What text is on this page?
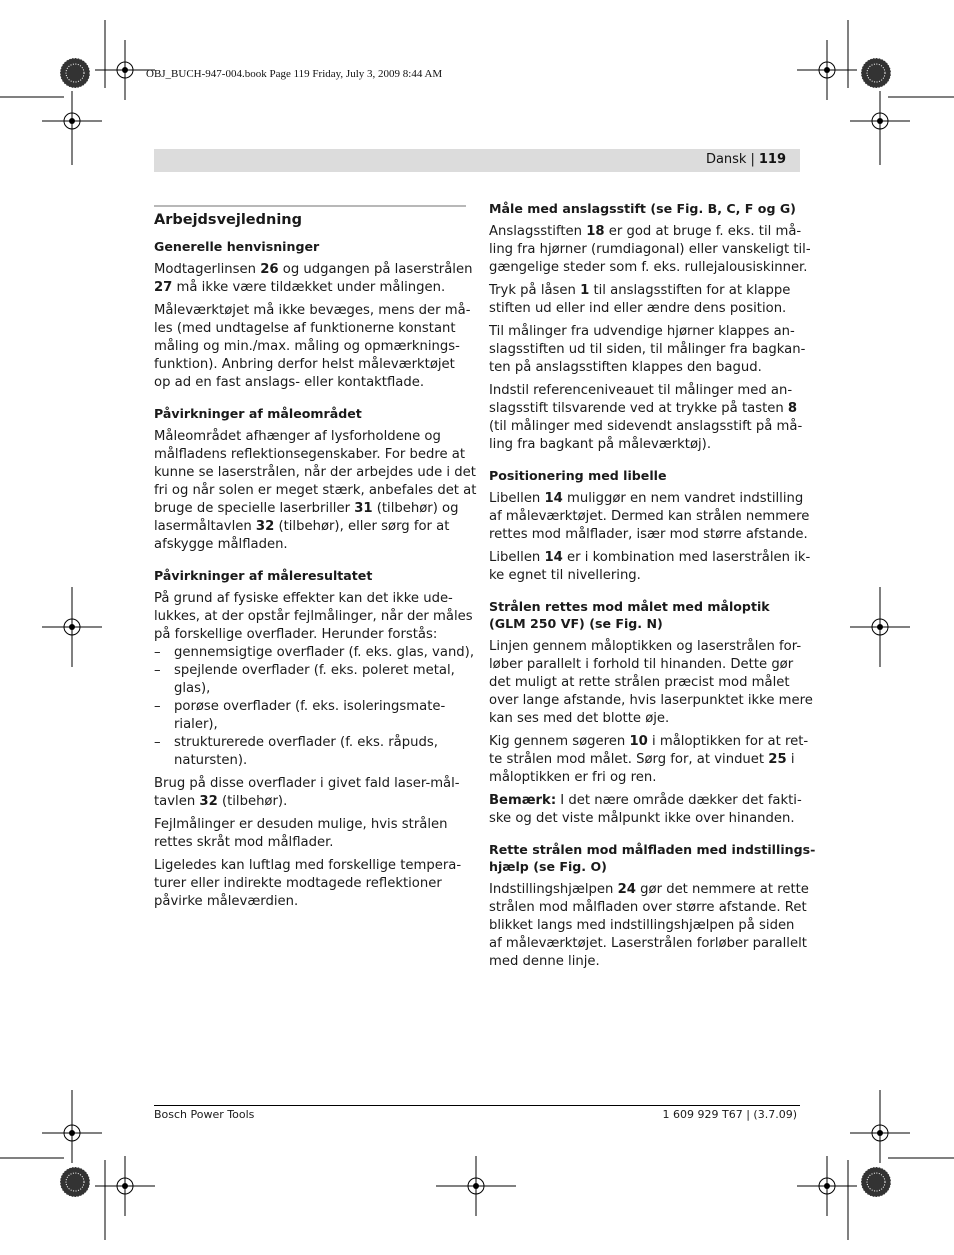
OBJ_BUCH-947-004.book Page 119 Friday, July 3, 2009 8:44 AM
Dansk | 119
Arbejdsvejledning
Generelle henvisninger
Modtagerlinsen 26 og udgangen på laserstrålen
27 må ikke være tildækket under målingen.
Måleværktøjet må ikke bevæges, mens der må-
les (med undtagelse af funktionerne konstant
måling og min./max. måling og opmærknings-
funktion). Anbring derfor helst måleværktøjet
op ad en fast anslags- eller kontaktflade.
Påvirkninger af måleområdet
Måleområdet afhænger af lysforholdene og
målfladens reflektionsegenskaber. For bedre at
kunne se laserstrålen, når der arbejdes ude i det
fri og når solen er meget stærk, anbefales det at
bruge de specielle laserbriller 31 (tilbehør) og
lasermåltavlen 32 (tilbehør), eller sørg for at
afskygge målfladen.
Påvirkninger af måleresultatet
På grund af fysiske effekter kan det ikke ude-
lukkes, at der opstår fejlmålinger, når der måles
på forskellige overflader. Herunder forstås:
–	gennemsigtige overflader (f. eks. glas, vand),
–	spejlende overflader (f. eks. poleret metal,
glas),
–	porøse overflader (f. eks. isoleringsmate-
rialer),
–	strukturerede overflader (f. eks. råpuds,
natursten).
Brug på disse overflader i givet fald laser-mål-
tavlen 32 (tilbehør).
Fejlmålinger er desuden mulige, hvis strålen
rettes skråt mod målflader.
Ligeledes kan luftlag med forskellige tempera-
turer eller indirekte modtagede reflektioner
påvirke måleværdien.
Måle med anslagsstift (se Fig. B, C, F og G)
Anslagsstiften 18 er god at bruge f. eks. til må-
ling fra hjørner (rumdiagonal) eller vanskeligt til-
gængelige steder som f. eks. rullejalousiskinner.
Tryk på låsen 1 til anslagsstiften for at klappe
stiften ud eller ind eller ændre dens position.
Til målinger fra udvendige hjørner klappes an-
slagsstiften ud til siden, til målinger fra bagkan-
ten på anslagsstiften klappes den bagud.
Indstil referenceniveauet til målinger med an-
slagsstift tilsvarende ved at trykke på tasten 8
(til målinger med sidevendt anslagsstift på må-
ling fra bagkant på måleværktøj).
Positionering med libelle
Libellen 14 muliggør en nem vandret indstilling
af måleværktøjet. Dermed kan strålen nemmere
rettes mod målflader, især mod større afstande.
Libellen 14 er i kombination med laserstrålen ik-
ke egnet til nivellering.
Strålen rettes mod målet med måloptik
(GLM 250 VF) (se Fig. N)
Linjen gennem måloptikken og laserstrålen for-
løber parallelt i forhold til hinanden. Dette gør
det muligt at rette strålen præcist mod målet
over lange afstande, hvis laserpunktet ikke mere
kan ses med det blotte øje.
Kig gennem søgeren 10 i måloptikken for at ret-
te strålen mod målet. Sørg for, at vinduet 25 i
måloptikken er fri og ren.
Bemærk: I det nære område dækker det fakti-
ske og det viste målpunkt ikke over hinanden.
Rette strålen mod målfladen med indstillings-
hjælp (se Fig. O)
Indstillingshjælpen 24 gør det nemmere at rette
strålen mod målfladen over større afstande. Ret
blikket langs med indstillingshjælpen på siden
af måleværktøjet. Laserstrålen forløber parallelt
med denne linje.
Bosch Power Tools	1 609 929 T67 | (3.7.09)
